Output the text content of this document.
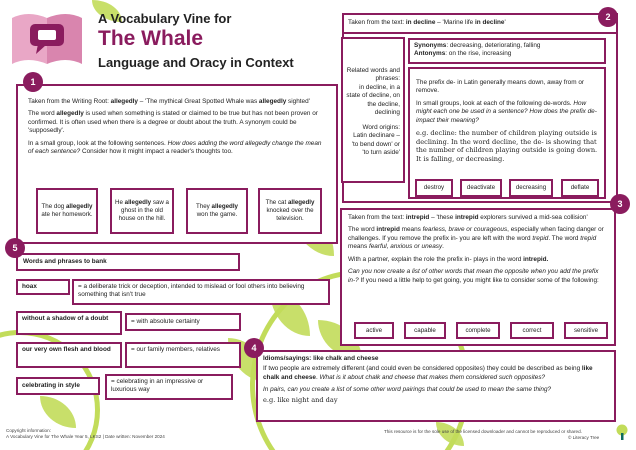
A Vocabulary Vine for
The Whale
Language and Oracy in Context

Taken from the Writing Root: allegedly – 'The mythical Great Spotted Whale was allegedly sighted'

The word allegedly is used when something is stated or claimed to be true but has not been proven or confirmed. It is often used when there is a degree or doubt about the truth. A synonym could be 'supposedly'.

In a small group, look at the following sentences. How does adding the word allegedly change the mean of each sentence? Consider how it might impact a reader's thoughts too.

1
The dog allegedly ate her homework.
He allegedly saw a ghost in the old house on the hill.
They allegedly won the game.
The cat allegedly knocked over the television.
Taken from the text: in decline – 'Marine life in decline'
Related words and phrases:
in decline, in a state of decline, on the decline, declining
Word origins:
Latin declinare – 'to bend down' or 'to turn aside'
Synonyms: decreasing, deteriorating, falling
Antonyms: on the rise, increasing

The prefix de- in Latin generally means down, away from or remove.

In small groups, look at each of the following de-words. How might each one be used in a sentence? How does the prefix de- impact their meaning?

e.g. decline: the number of children playing outside is declining. In the word decline, the de- is showing that the number of children playing outside is going down. It is falling, or decreasing.
destroy	deactivate	decreasing	deflate
2

Taken from the text: intrepid – 'these intrepid explorers survived a mid-sea collision'

The word intrepid means fearless, brave or courageous, especially when facing danger or challenges. If you remove the prefix in- you are left with the word trepid. The word trepid means fearful, anxious or uneasy.

With a partner, explain the role the prefix in- plays in the word intrepid.

Can you now create a list of other words that mean the opposite when you add the prefix in-? If you need a little help to get going, you might like to consider some of the following:

active	capable	complete	correct	sensitive
3
Idioms/sayings: like chalk and cheese

If two people are extremely different (and could even be considered opposites) they could be described as being like chalk and cheese. What is it about chalk and cheese that makes them considered such opposites?

In pairs, can you create a list of some other word pairings that could be used to mean the same thing?

e.g. like night and day
4
Words and phrases to bank
5
hoax	= a deliberate trick or deception, intended to mislead or fool others into believing something that isn't true
without a shadow of a doubt	= with absolute certainty
our very own flesh and blood	= our family members, relatives
celebrating in style
= celebrating in an impressive or luxurious way
Copyright information:
A Vocabulary Vine for The Whale Year 5, LKS2 | Date written: November 2024
This resource is for the sole use of the licensed downloader and cannot be reproduced or shared.
© Literacy Tree
